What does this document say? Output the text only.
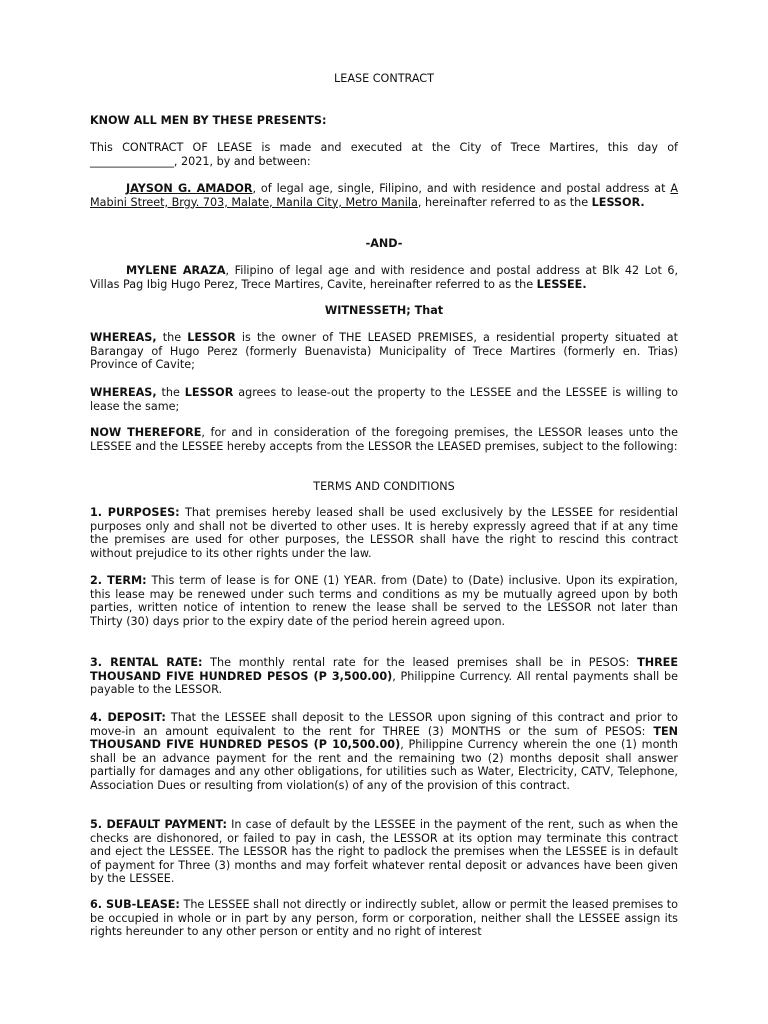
LEASE CONTRACT

KNOW ALL MEN BY THESE PRESENTS:

This CONTRACT OF LEASE is made and executed at the City of Trece Martires, this day of _______________, 2021, by and between:

JAYSON G. AMADOR, of legal age, single, Filipino, and with residence and postal address at A Mabini Street, Brgy. 703, Malate, Manila City, Metro Manila, hereinafter referred to as the LESSOR.

-AND-

MYLENE ARAZA, Filipino of legal age and with residence and postal address at Blk 42 Lot 6, Villas Pag Ibig Hugo Perez, Trece Martires, Cavite, hereinafter referred to as the LESSEE.

WITNESSETH; That

WHEREAS, the LESSOR is the owner of THE LEASED PREMISES, a residential property situated at Barangay of Hugo Perez (formerly Buenavista) Municipality of Trece Martires (formerly en. Trias) Province of Cavite;

WHEREAS, the LESSOR agrees to lease-out the property to the LESSEE and the LESSEE is willing to lease the same;

NOW THEREFORE, for and in consideration of the foregoing premises, the LESSOR leases unto the LESSEE and the LESSEE hereby accepts from the LESSOR the LEASED premises, subject to the following:

TERMS AND CONDITIONS

1. PURPOSES: That premises hereby leased shall be used exclusively by the LESSEE for residential purposes only and shall not be diverted to other uses. It is hereby expressly agreed that if at any time the premises are used for other purposes, the LESSOR shall have the right to rescind this contract without prejudice to its other rights under the law.

2. TERM: This term of lease is for ONE (1) YEAR. from (Date) to (Date) inclusive. Upon its expiration, this lease may be renewed under such terms and conditions as my be mutually agreed upon by both parties, written notice of intention to renew the lease shall be served to the LESSOR not later than Thirty (30) days prior to the expiry date of the period herein agreed upon.

3. RENTAL RATE: The monthly rental rate for the leased premises shall be in PESOS: THREE THOUSAND FIVE HUNDRED PESOS (P 3,500.00), Philippine Currency. All rental payments shall be payable to the LESSOR.

4. DEPOSIT: That the LESSEE shall deposit to the LESSOR upon signing of this contract and prior to move-in an amount equivalent to the rent for THREE (3) MONTHS or the sum of PESOS: TEN THOUSAND FIVE HUNDRED PESOS (P 10,500.00), Philippine Currency wherein the one (1) month shall be an advance payment for the rent and the remaining two (2) months deposit shall answer partially for damages and any other obligations, for utilities such as Water, Electricity, CATV, Telephone, Association Dues or resulting from violation(s) of any of the provision of this contract.

5. DEFAULT PAYMENT: In case of default by the LESSEE in the payment of the rent, such as when the checks are dishonored, or failed to pay in cash, the LESSOR at its option may terminate this contract and eject the LESSEE. The LESSOR has the right to padlock the premises when the LESSEE is in default of payment for Three (3) months and may forfeit whatever rental deposit or advances have been given by the LESSEE.

6. SUB-LEASE: The LESSEE shall not directly or indirectly sublet, allow or permit the leased premises to be occupied in whole or in part by any person, form or corporation, neither shall the LESSEE assign its rights hereunder to any other person or entity and no right of interest
